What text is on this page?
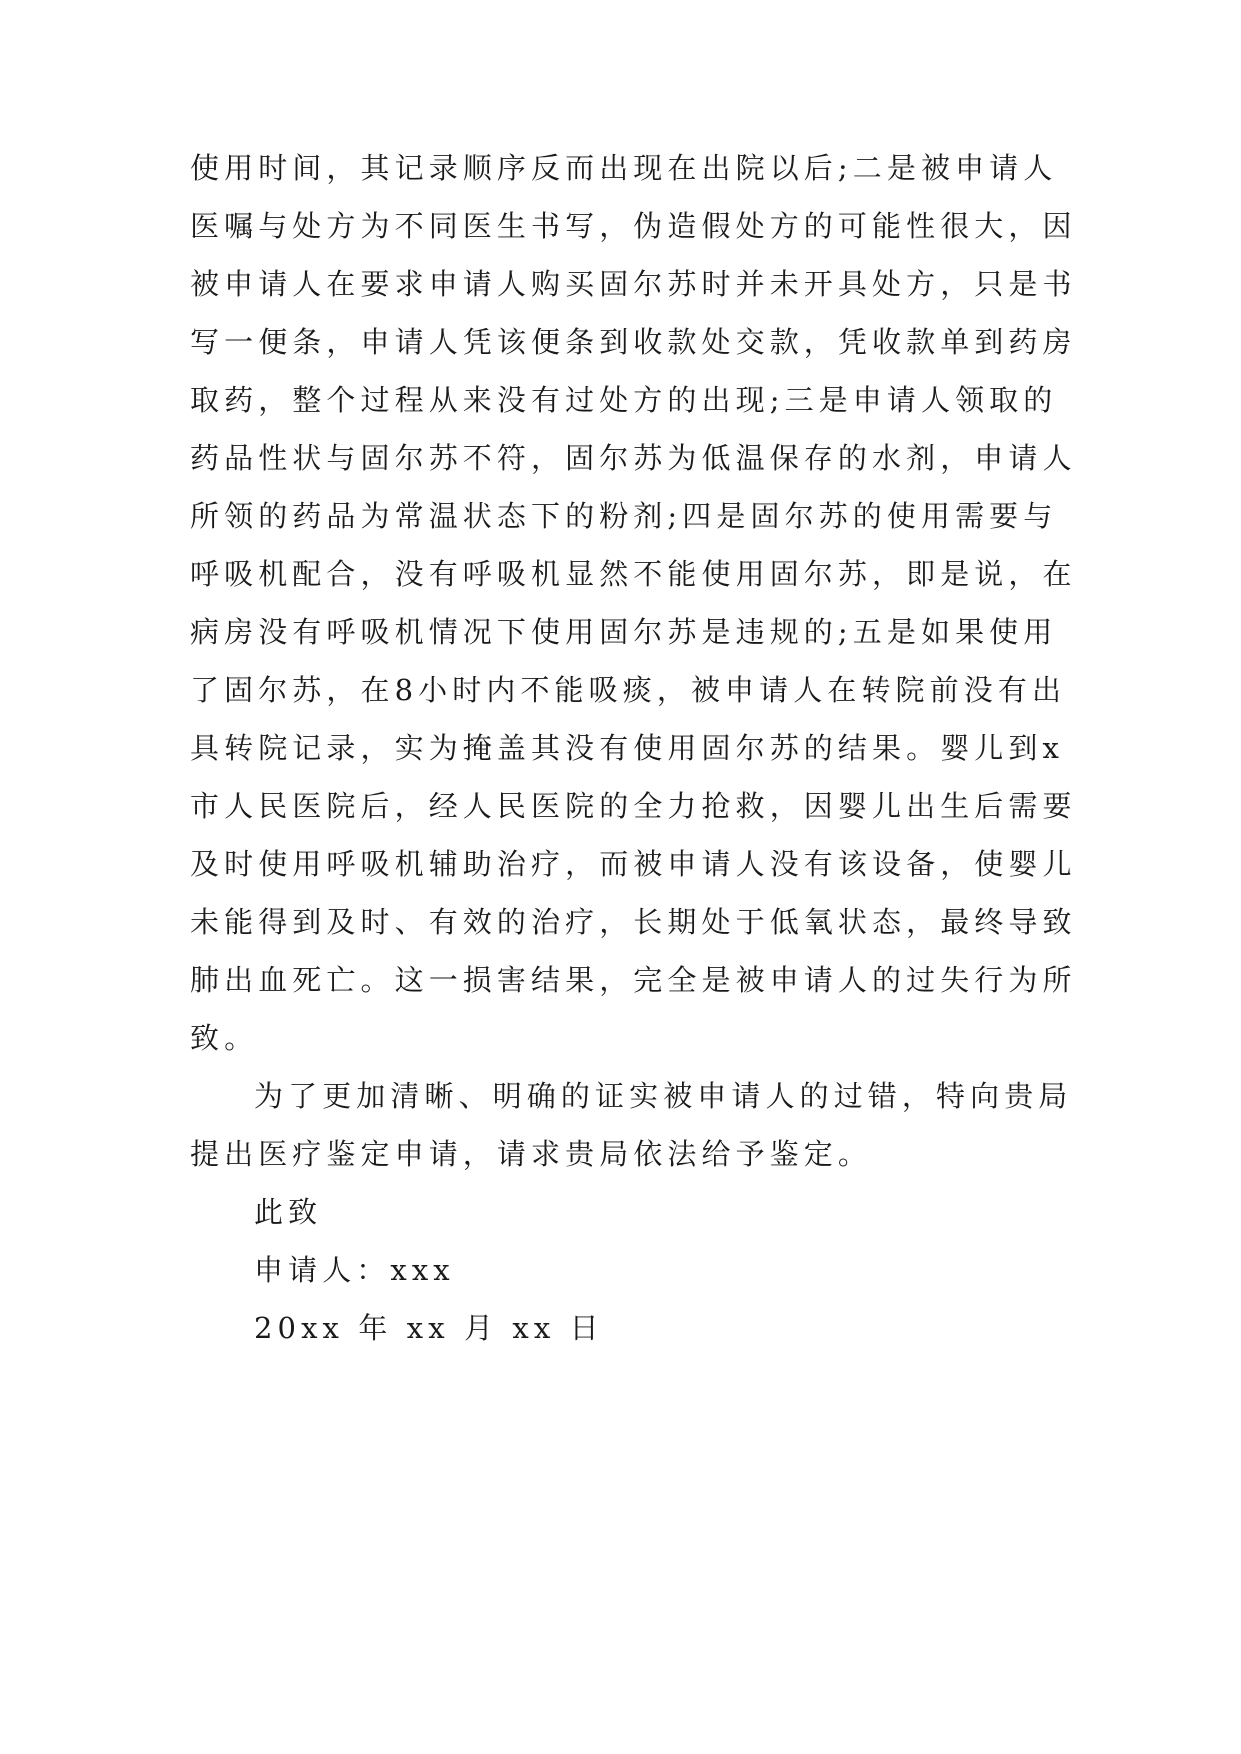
使用时间，其记录顺序反而出现在出院以后;二是被申请人
医嘱与处方为不同医生书写，伪造假处方的可能性很大，因
被申请人在要求申请人购买固尔苏时并未开具处方，只是书
写一便条，申请人凭该便条到收款处交款，凭收款单到药房
取药，整个过程从来没有过处方的出现;三是申请人领取的
药品性状与固尔苏不符，固尔苏为低温保存的水剂，申请人
所领的药品为常温状态下的粉剂;四是固尔苏的使用需要与
呼吸机配合，没有呼吸机显然不能使用固尔苏，即是说，在
病房没有呼吸机情况下使用固尔苏是违规的;五是如果使用
了固尔苏，在8小时内不能吸痰，被申请人在转院前没有出
具转院记录，实为掩盖其没有使用固尔苏的结果。婴儿到x
市人民医院后，经人民医院的全力抢救，因婴儿出生后需要
及时使用呼吸机辅助治疗，而被申请人没有该设备，使婴儿
未能得到及时、有效的治疗，长期处于低氧状态，最终导致
肺出血死亡。这一损害结果，完全是被申请人的过失行为所
致。
为了更加清晰、明确的证实被申请人的过错，特向贵局
提出医疗鉴定申请，请求贵局依法给予鉴定。
此致
申请人：xxx
20xx 年 xx 月 xx 日
